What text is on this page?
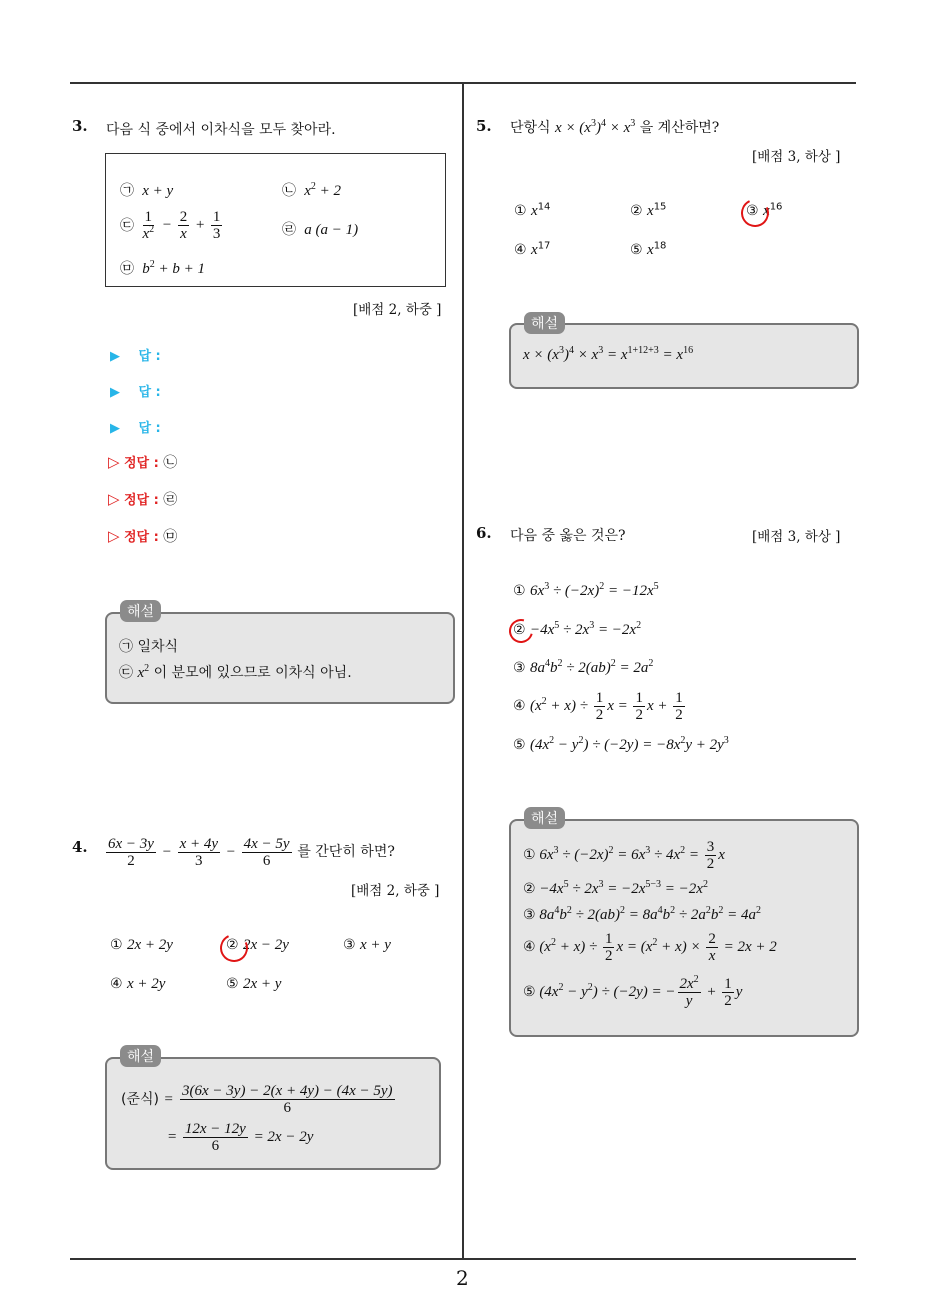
2
3. 다음 식 중에서 이차식을 모두 찾아라.
㉠  x + y	㉡  $x^2 + 2$
㉢ $\frac{1}{x^2} - \frac{2}{x} + \frac{1}{3}$	㉣  a (a − 1)
㉤  $b^2 + b + 1$
[배점 2, 하중 ]
▶ 답 :
▶ 답 :
▶ 답 :
▷ 정답 : ㉡
▷ 정답 : ㉣
▷ 정답 : ㉤
㉠ 일차식
㉢ $x^2$ 이 분모에 있으므로 이차식 아님.
해설
4. $\frac{6x - 3y}{2} - \frac{x + 4y}{3} - \frac{4x - 5y}{6}$ 를 간단히 하면?
[배점 2, 하중 ]
① 2x + 2y	② 2x − 2y	③ x + y
④ x + 2y	⑤ 2x + y
(준식) = $\frac{3(6x - 3y) - 2(x + 4y) - (4x - 5y)}{6}$
= $\frac{12x - 12y}{6} = 2x - 2y$
해설
5. 단항식 $x \times (x^3)^4 \times x^3$ 을 계산하면?
[배점 3, 하상 ]
① $x^{14}$	② $x^{15}$	③ $x^{16}$
④ $x^{17}$	⑤ $x^{18}$
$x \times (x^3)^4 \times x^3 = x^{1+12+3} = x^{16}$
해설
6. 다음 중 옳은 것은?	[배점 3, 하상 ]
① $6x^3 \div (-2x)^2 = -12x^5$
② $-4x^5 \div 2x^3 = -2x^2$
③ $8a^4b^2 \div 2(ab)^2 = 2a^2$
④ $(x^2 + x) \div \frac{1}{2}$ $x = \frac{1}{2}$ $x + \frac{1}{2}$
⑤ $(4x^2 - y^2) \div (-2y) = -8x^2y + 2y^3$
① $6x^3 \div (-2x)^2 = 6x^3 \div 4x^2 = \frac{3}{2}$ x
② $-4x^5 \div 2x^3 = -2x^{5-3} = -2x^2$
③ $8a^4b^2 \div 2(ab)^2 = 8a^4b^2 \div 2a^2b^2 = 4a^2$
④ $(x^2 + x) \div \frac{1}{2}$ $x = (x^2 + x) \times \frac{2}{x} = 2x + 2$
⑤ $(4x^2 - y^2) \div (-2y)$ = − $\frac{2x^2}{y} + \frac{1}{2}$ y
해설
